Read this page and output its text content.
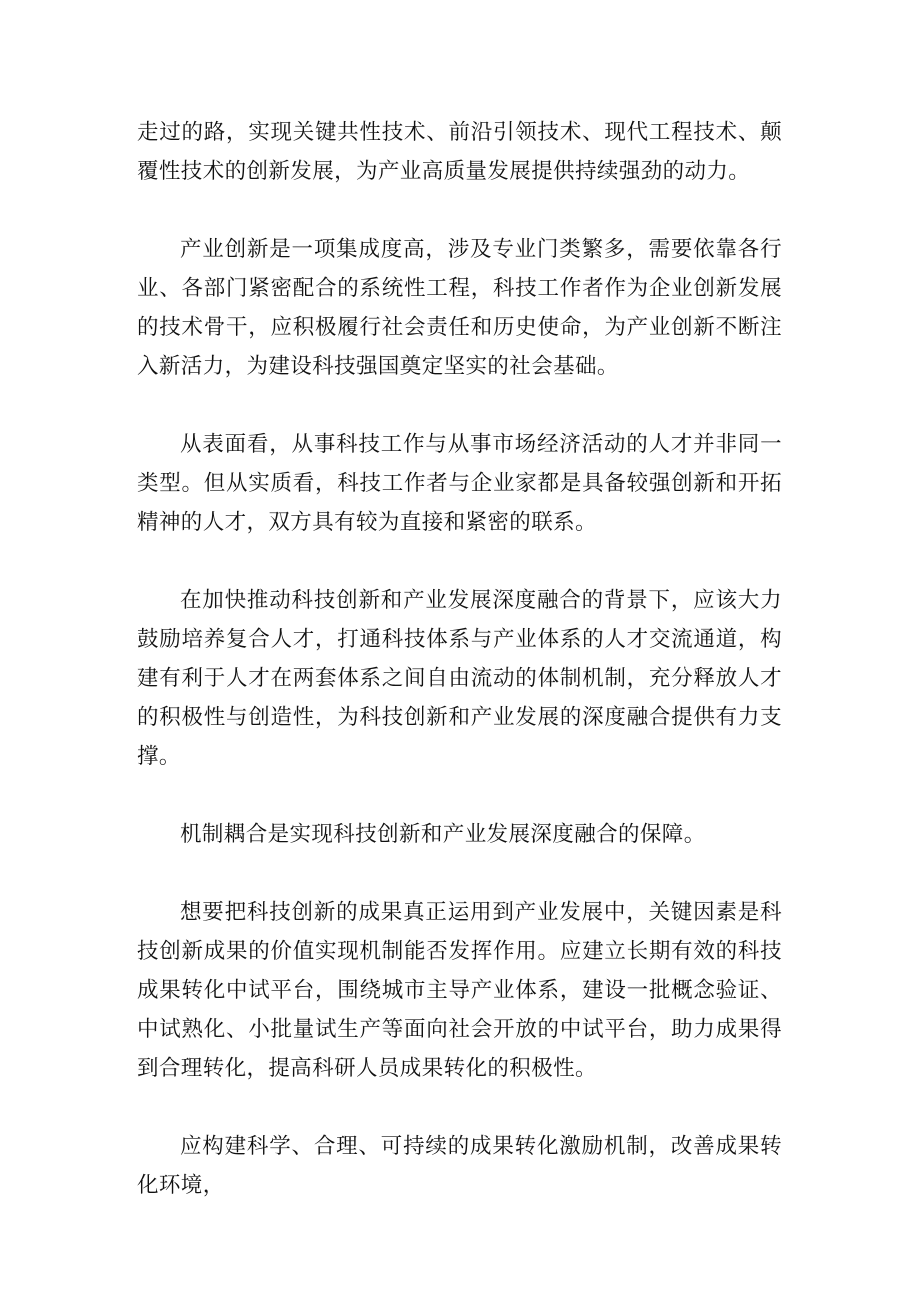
走过的路，实现关键共性技术、前沿引领技术、现代工程技术、颠覆性技术的创新发展，为产业高质量发展提供持续强劲的动力。

产业创新是一项集成度高，涉及专业门类繁多，需要依靠各行业、各部门紧密配合的系统性工程，科技工作者作为企业创新发展的技术骨干，应积极履行社会责任和历史使命，为产业创新不断注入新活力，为建设科技强国奠定坚实的社会基础。

从表面看，从事科技工作与从事市场经济活动的人才并非同一类型。但从实质看，科技工作者与企业家都是具备较强创新和开拓精神的人才，双方具有较为直接和紧密的联系。

在加快推动科技创新和产业发展深度融合的背景下，应该大力鼓励培养复合人才，打通科技体系与产业体系的人才交流通道，构建有利于人才在两套体系之间自由流动的体制机制，充分释放人才的积极性与创造性，为科技创新和产业发展的深度融合提供有力支撑。

机制耦合是实现科技创新和产业发展深度融合的保障。

想要把科技创新的成果真正运用到产业发展中，关键因素是科技创新成果的价值实现机制能否发挥作用。应建立长期有效的科技成果转化中试平台，围绕城市主导产业体系，建设一批概念验证、中试熟化、小批量试生产等面向社会开放的中试平台，助力成果得到合理转化，提高科研人员成果转化的积极性。

应构建科学、合理、可持续的成果转化激励机制，改善成果转化环境，
